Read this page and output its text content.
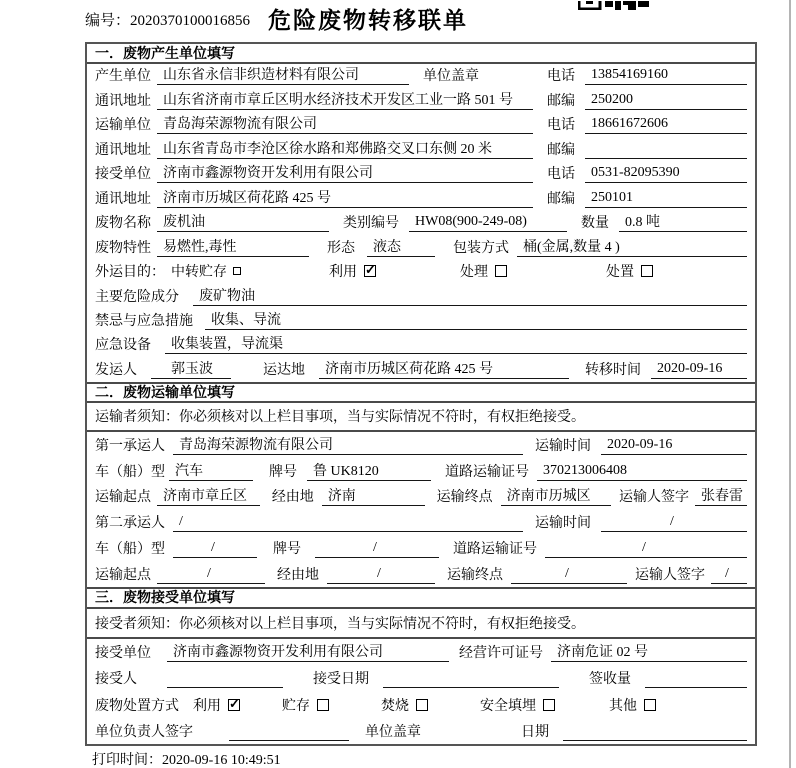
编号：2020370100016856 危险废物转移联单
一．废物产生单位填写
产生单位 山东省永信非织造材料有限公司	单位盖章	电话	13854169160
通讯地址 山东省济南市章丘区明水经济技术开发区工业一路 501 号	邮编	250200
运输单位 青岛海荣源物流有限公司	电话	18661672606
通讯地址 山东省青岛市李沧区徐水路和郑佛路交叉口东侧 20 米	邮编
接受单位 济南市鑫源物资开发利用有限公司	电话	0531-82095390
通讯地址 济南市历城区荷花路 425 号	邮编	250101
废物名称 废机油	类别编号	HW08(900-249-08)	数量	0.8 吨
废物特性 易燃性,毒性	形态	液态	包装方式	桶(金属,数量 4 )
外运目的： 中转贮存	利用 ✓	处理	处置
主要危险成分	废矿物油
禁忌与应急措施	收集、导流
应急设备	收集装置，导流渠
发运人	郭玉波	运达地	济南市历城区荷花路 425 号	转移时间	2020-09-16
二．废物运输单位填写
运输者须知：你必须核对以上栏目事项，当与实际情况不符时，有权拒绝接受。
第一承运人	青岛海荣源物流有限公司	运输时间	2020-09-16
车（船）型 汽车	牌号	鲁 UK8120	道路运输证号	370213006408
运输起点 济南市章丘区	经由地	济南	运输终点	济南市历城区	运输人签字 张春雷
第二承运人	/	运输时间	/
车（船）型	/	牌号	/	道路运输证号	/
运输起点	/	经由地	/	运输终点	/	运输人签字	/
三．废物接受单位填写
接受者须知：你必须核对以上栏目事项，当与实际情况不符时，有权拒绝接受。
接受单位	济南市鑫源物资开发利用有限公司	经营许可证号	济南危证 02 号
接受人	接受日期	签收量
废物处置方式 利用 ✓	贮存	焚烧	安全填埋	其他
单位负责人签字	单位盖章	日期
打印时间：2020-09-16 10:49:51
